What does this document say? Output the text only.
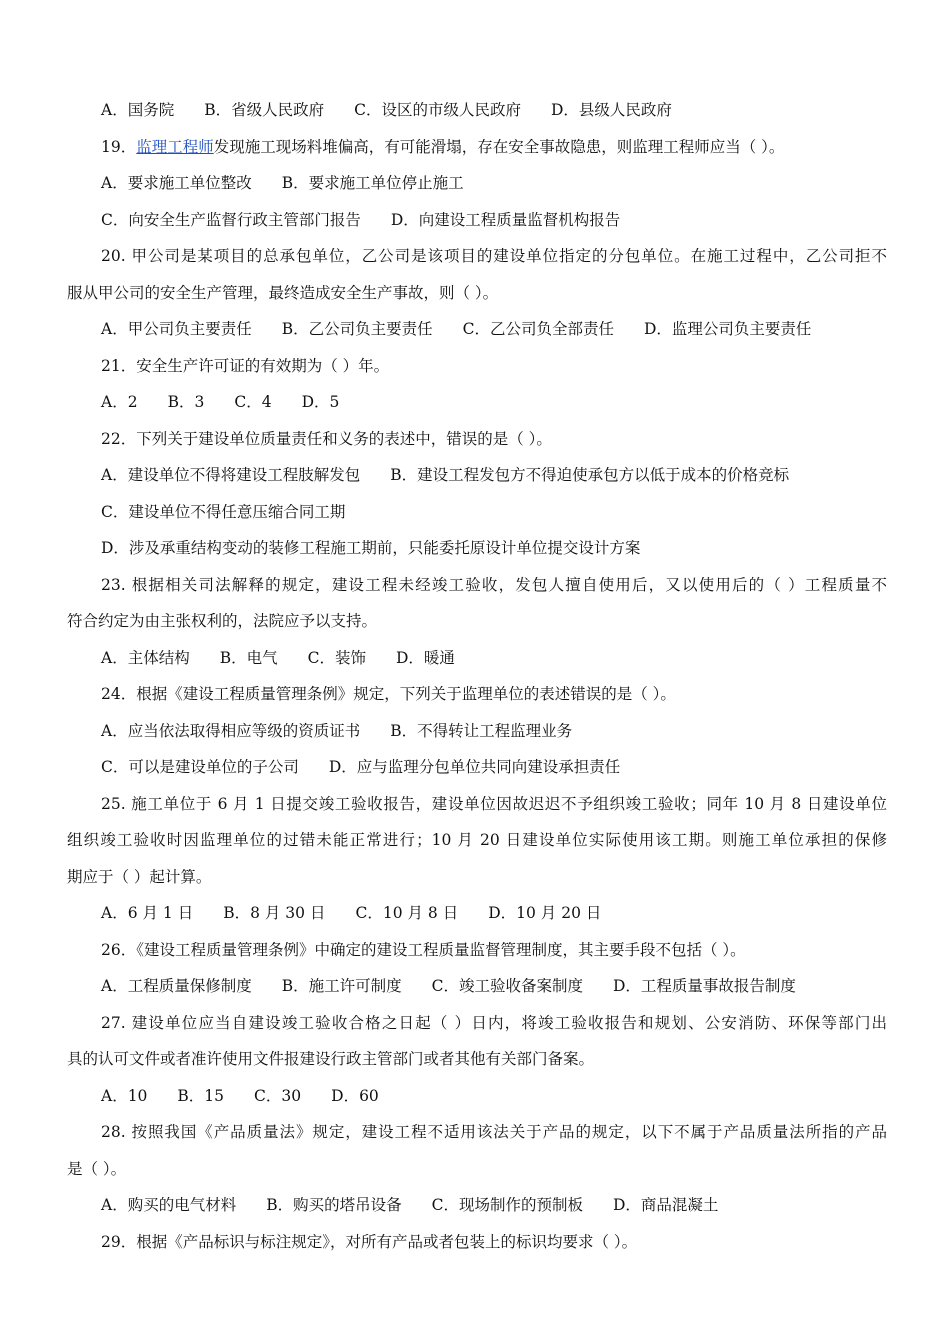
A．国务院 B．省级人民政府 C．设区的市级人民政府 D．县级人民政府
19．监理工程师发现施工现场料堆偏高，有可能滑塌，存在安全事故隐患，则监理工程师应当（ ）。
A．要求施工单位整改 B．要求施工单位停止施工
C．向安全生产监督行政主管部门报告 D．向建设工程质量监督机构报告
20. 甲公司是某项目的总承包单位，乙公司是该项目的建设单位指定的分包单位。在施工过程中，乙公司拒不
服从甲公司的安全生产管理，最终造成安全生产事故，则（ ）。
A．甲公司负主要责任 B．乙公司负主要责任 C．乙公司负全部责任 D．监理公司负主要责任
21．安全生产许可证的有效期为（ ）年。
A．2 B．3 C．4 D．5
22．下列关于建设单位质量责任和义务的表述中，错误的是（ ）。
A．建设单位不得将建设工程肢解发包 B．建设工程发包方不得迫使承包方以低于成本的价格竞标
C．建设单位不得任意压缩合同工期
D．涉及承重结构变动的装修工程施工期前，只能委托原设计单位提交设计方案
23. 根据相关司法解释的规定，建设工程未经竣工验收，发包人擅自使用后，又以使用后的（ ）工程质量不
符合约定为由主张权利的，法院应予以支持。
A．主体结构 B．电气 C．装饰 D．暖通
24．根据《建设工程质量管理条例》规定，下列关于监理单位的表述错误的是（ ）。
A．应当依法取得相应等级的资质证书 B．不得转让工程监理业务
C．可以是建设单位的子公司 D．应与监理分包单位共同向建设承担责任
25. 施工单位于 6 月 1 日提交竣工验收报告，建设单位因故迟迟不予组织竣工验收；同年 10 月 8 日建设单位
组织竣工验收时因监理单位的过错未能正常进行；10 月 20 日建设单位实际使用该工期。则施工单位承担的保修
期应于（ ）起计算。
A．6 月 1 日 B．8 月 30 日 C．10 月 8 日 D．10 月 20 日
26．《建设工程质量管理条例》中确定的建设工程质量监督管理制度，其主要手段不包括（ ）。
A．工程质量保修制度 B．施工许可制度 C．竣工验收备案制度 D．工程质量事故报告制度
27. 建设单位应当自建设竣工验收合格之日起（ ）日内，将竣工验收报告和规划、公安消防、环保等部门出
具的认可文件或者准许使用文件报建设行政主管部门或者其他有关部门备案。
A．10 B．15 C．30 D．60
28. 按照我国《产品质量法》规定，建设工程不适用该法关于产品的规定，以下不属于产品质量法所指的产品
是（ ）。
A．购买的电气材料 B．购买的塔吊设备 C．现场制作的预制板 D．商品混凝土
29．根据《产品标识与标注规定》，对所有产品或者包装上的标识均要求（ ）。
